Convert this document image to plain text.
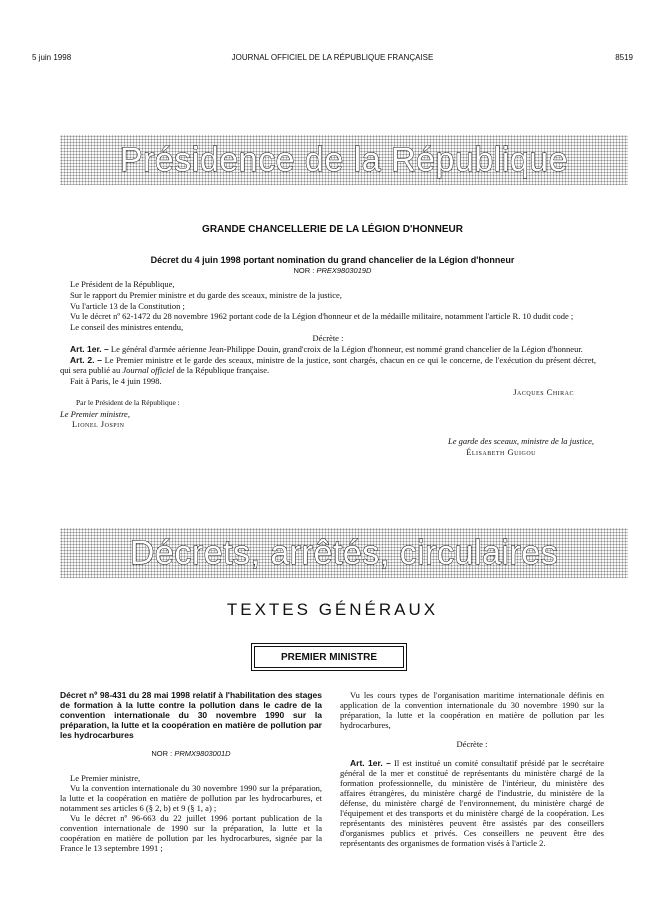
5 juin 1998	JOURNAL OFFICIEL DE LA RÉPUBLIQUE FRANÇAISE	8519
Présidence de la République
GRANDE CHANCELLERIE DE LA LÉGION D'HONNEUR
Décret du 4 juin 1998 portant nomination du grand chancelier de la Légion d'honneur
NOR : PREX9803019D

Le Président de la République,

Sur le rapport du Premier ministre et du garde des sceaux, ministre de la justice,

Vu l'article 13 de la Constitution ;

Vu le décret nº 62-1472 du 28 novembre 1962 portant code de la Légion d'honneur et de la médaille militaire, notamment l'article R. 10 dudit code ;

Le conseil des ministres entendu,

Décrète :

Art. 1er. – Le général d'armée aérienne Jean-Philippe Douin, grand'croix de la Légion d'honneur, est nommé grand chancelier de la Légion d'honneur.

Art. 2. – Le Premier ministre et le garde des sceaux, ministre de la justice, sont chargés, chacun en ce qui le concerne, de l'exécution du présent décret, qui sera publié au Journal officiel de la République française.

Fait à Paris, le 4 juin 1998.

Jacques Chirac

Par le Président de la République :

Le Premier ministre,

Lionel Jospin

Le garde des sceaux, ministre de la justice,

Élisabeth Guigou

Décrets, arrêtés, circulaires
TEXTES GÉNÉRAUX
PREMIER MINISTRE
Décret nº 98-431 du 28 mai 1998 relatif à l'habilitation des stages de formation à la lutte contre la pollution dans le cadre de la convention internationale du 30 novembre 1990 sur la préparation, la lutte et la coopération en matière de pollution par les hydrocarbures
NOR : PRMX9803001D

Le Premier ministre,

Vu la convention internationale du 30 novembre 1990 sur la préparation, la lutte et la coopération en matière de pollution par les hydrocarbures, et notamment ses articles 6 (§ 2, b) et 9 (§ 1, a) ;

Vu le décret nº 96-663 du 22 juillet 1996 portant publication de la convention internationale de 1990 sur la préparation, la lutte et la coopération en matière de pollution par les hydrocarbures, signée par la France le 13 septembre 1991 ;

Vu les cours types de l'organisation maritime internationale définis en application de la convention internationale du 30 novembre 1990 sur la préparation, la lutte et la coopération en matière de pollution par les hydrocarbures,

Décrète :

Art. 1er. – Il est institué un comité consultatif présidé par le secrétaire général de la mer et constitué de représentants du ministère chargé de la formation professionnelle, du ministère de l'intérieur, du ministère des affaires étrangères, du ministère chargé de l'industrie, du ministère de la défense, du ministère chargé de l'environnement, du ministère chargé de l'équipement et des transports et du ministère chargé de la coopération. Les représentants des ministères peuvent être assistés par des conseillers d'organismes publics et privés. Ces conseillers ne peuvent être des représentants des organismes de formation visés à l'article 2.
